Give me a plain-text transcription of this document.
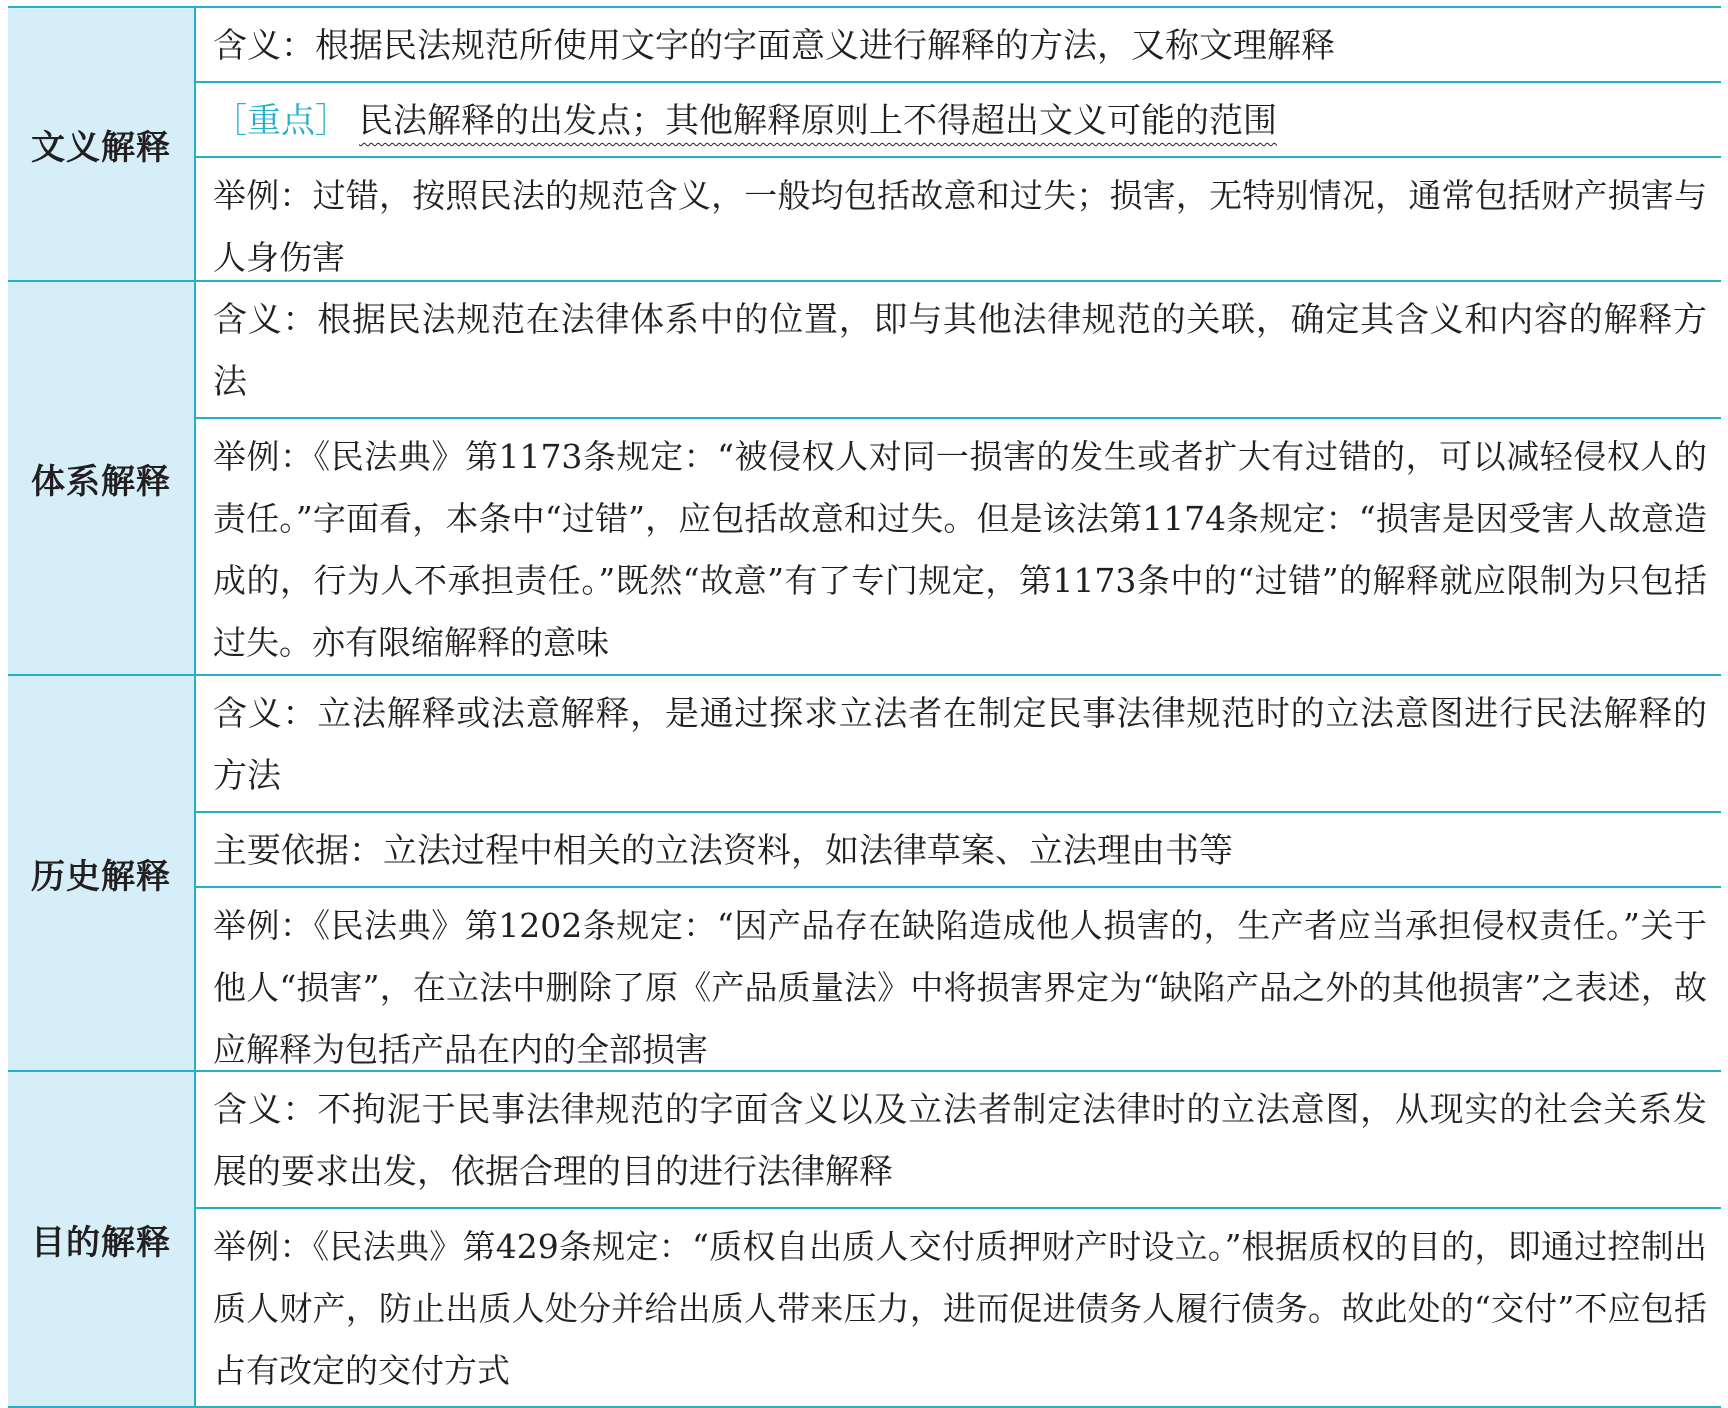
文义解释
含义：根据民法规范所使用文字的字面意义进行解释的方法，又称文理解释
［重点］ 民法解释的出发点；其他解释原则上不得超出文义可能的范围
举例：过错，按照民法的规范含义，一般均包括故意和过失；损害，无特别情况，通常包括财产损害与人身伤害
体系解释
含义：根据民法规范在法律体系中的位置，即与其他法律规范的关联，确定其含义和内容的解释方法
举例：《民法典》第1173条规定：“被侵权人对同一损害的发生或者扩大有过错的，可以减轻侵权人的责任。”字面看，本条中“过错”，应包括故意和过失。但是该法第1174条规定：“损害是因受害人故意造成的，行为人不承担责任。”既然“故意”有了专门规定，第1173条中的“过错”的解释就应限制为只包括过失。亦有限缩解释的意味
历史解释
含义：立法解释或法意解释，是通过探求立法者在制定民事法律规范时的立法意图进行民法解释的方法
主要依据：立法过程中相关的立法资料，如法律草案、立法理由书等
举例：《民法典》第1202条规定：“因产品存在缺陷造成他人损害的，生产者应当承担侵权责任。”关于他人“损害”，在立法中删除了原《产品质量法》中将损害界定为“缺陷产品之外的其他损害”之表述，故应解释为包括产品在内的全部损害
目的解释
含义：不拘泥于民事法律规范的字面含义以及立法者制定法律时的立法意图，从现实的社会关系发展的要求出发，依据合理的目的进行法律解释
举例：《民法典》第429条规定：“质权自出质人交付质押财产时设立。”根据质权的目的，即通过控制出质人财产，防止出质人处分并给出质人带来压力，进而促进债务人履行债务。故此处的“交付”不应包括占有改定的交付方式
